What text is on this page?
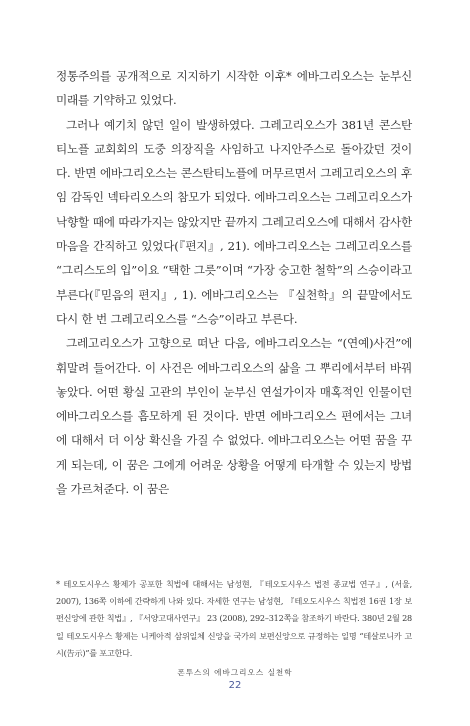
정통주의를 공개적으로 지지하기 시작한 이후* 에바그리오스는 눈부신 미래를 기약하고 있었다.

그러나 예기치 않던 일이 발생하였다. 그레고리오스가 381년 콘스탄티노플 교회회의 도중 의장직을 사임하고 나지안주스로 돌아갔던 것이다. 반면 에바그리오스는 콘스탄티노플에 머무르면서 그레고리오스의 후임 감독인 넥타리오스의 참모가 되었다. 에바그리오스는 그레고리오스가 낙향할 때에 따라가지는 않았지만 끝까지 그레고리오스에 대해서 감사한 마음을 간직하고 있었다(『편지』, 21). 에바그리오스는 그레고리오스를 “그리스도의 입”이요 “택한 그릇”이며 “가장 숭고한 철학”의 스승이라고 부른다(『믿음의 편지』, 1). 에바그리오스는 『실천학』의 끝말에서도 다시 한 번 그레고리오스를 “스승”이라고 부른다.

그레고리오스가 고향으로 떠난 다음, 에바그리오스는 “(연예)사건”에 휘말려 들어간다. 이 사건은 에바그리오스의 삶을 그 뿌리에서부터 바꿔놓았다. 어떤 황실 고관의 부인이 눈부신 연설가이자 매혹적인 인물이던 에바그리오스를 흠모하게 된 것이다. 반면 에바그리오스 편에서는 그녀에 대해서 더 이상 확신을 가질 수 없었다. 에바그리오스는 어떤 꿈을 꾸게 되는데, 이 꿈은 그에게 어려운 상황을 어떻게 타개할 수 있는지 방법을 가르쳐준다. 이 꿈은

* 테오도시우스 황제가 공포한 칙법에 대해서는 남성현, 『테오도시우스 법전 종교법 연구』, (서울, 2007), 136쪽 이하에 간략하게 나와 있다. 자세한 연구는 남성현, 『테오도시우스 칙법전 16권 1장 보편신앙에 관한 칙법』, 『서양고대사연구』 23 (2008), 292–312쪽을 참조하기 바란다. 380년 2월 28일 테오도시우스 황제는 니케아적 삼위일체 신앙을 국가의 보편신앙으로 규정하는 일명 “테살로니카 고시(告示)”를 포고한다.

폰투스의 에바그리오스 실천학
22
